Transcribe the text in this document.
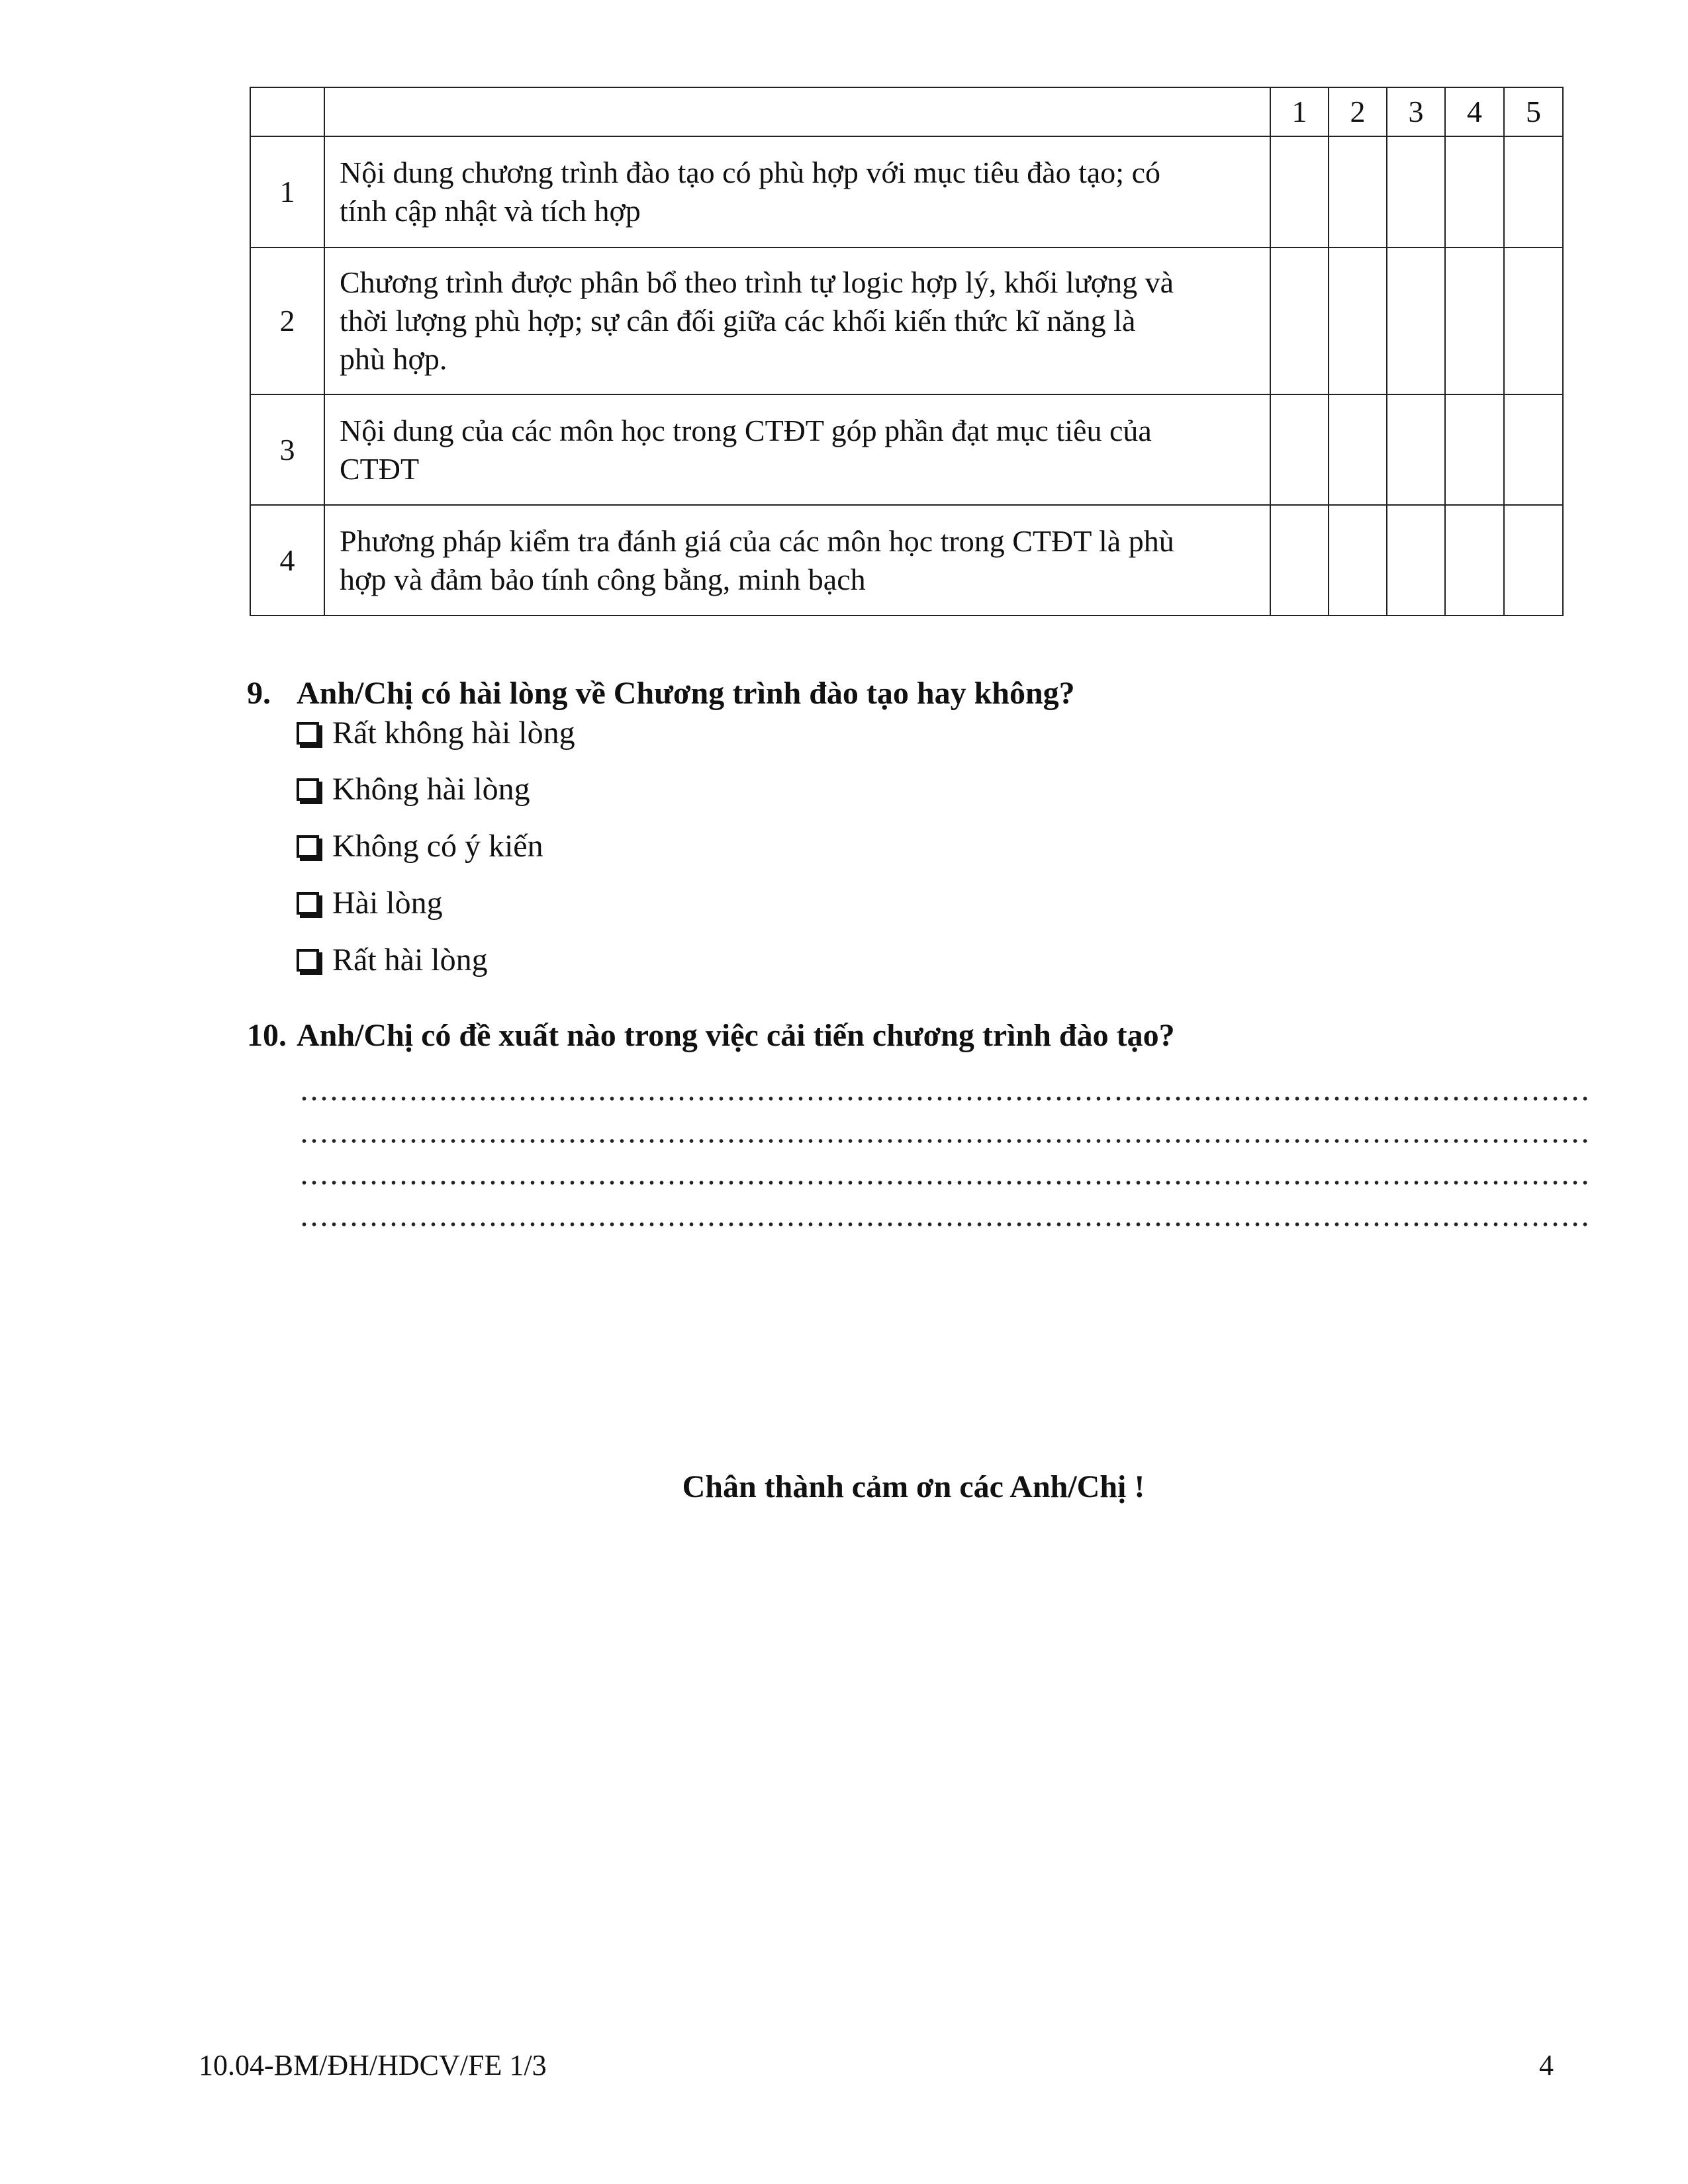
		1	2	3	4	5
1	Nội dung chương trình đào tạo có phù hợp với mục tiêu đào tạo; có
tính cập nhật và tích hợp					

2	Chương trình được phân bổ theo trình tự logic hợp lý, khối lượng và
thời lượng phù hợp; sự cân đối giữa các khối kiến thức kĩ năng là
phù hợp.					

3	Nội dung của các môn học trong CTĐT góp phần đạt mục tiêu của
CTĐT					

4	Phương pháp kiểm tra đánh giá của các môn học trong CTĐT là phù
hợp và đảm bảo tính công bằng, minh bạch					

9. Anh/Chị có hài lòng về Chương trình đào tạo hay không?
Rất không hài lòng
Không hài lòng
Không có ý kiến
Hài lòng
Rất hài lòng
10. Anh/Chị có đề xuất nào trong việc cải tiến chương trình đào tạo?
Chân thành cảm ơn các Anh/Chị !
10.04-BM/ĐH/HDCV/FE 1/3	4
